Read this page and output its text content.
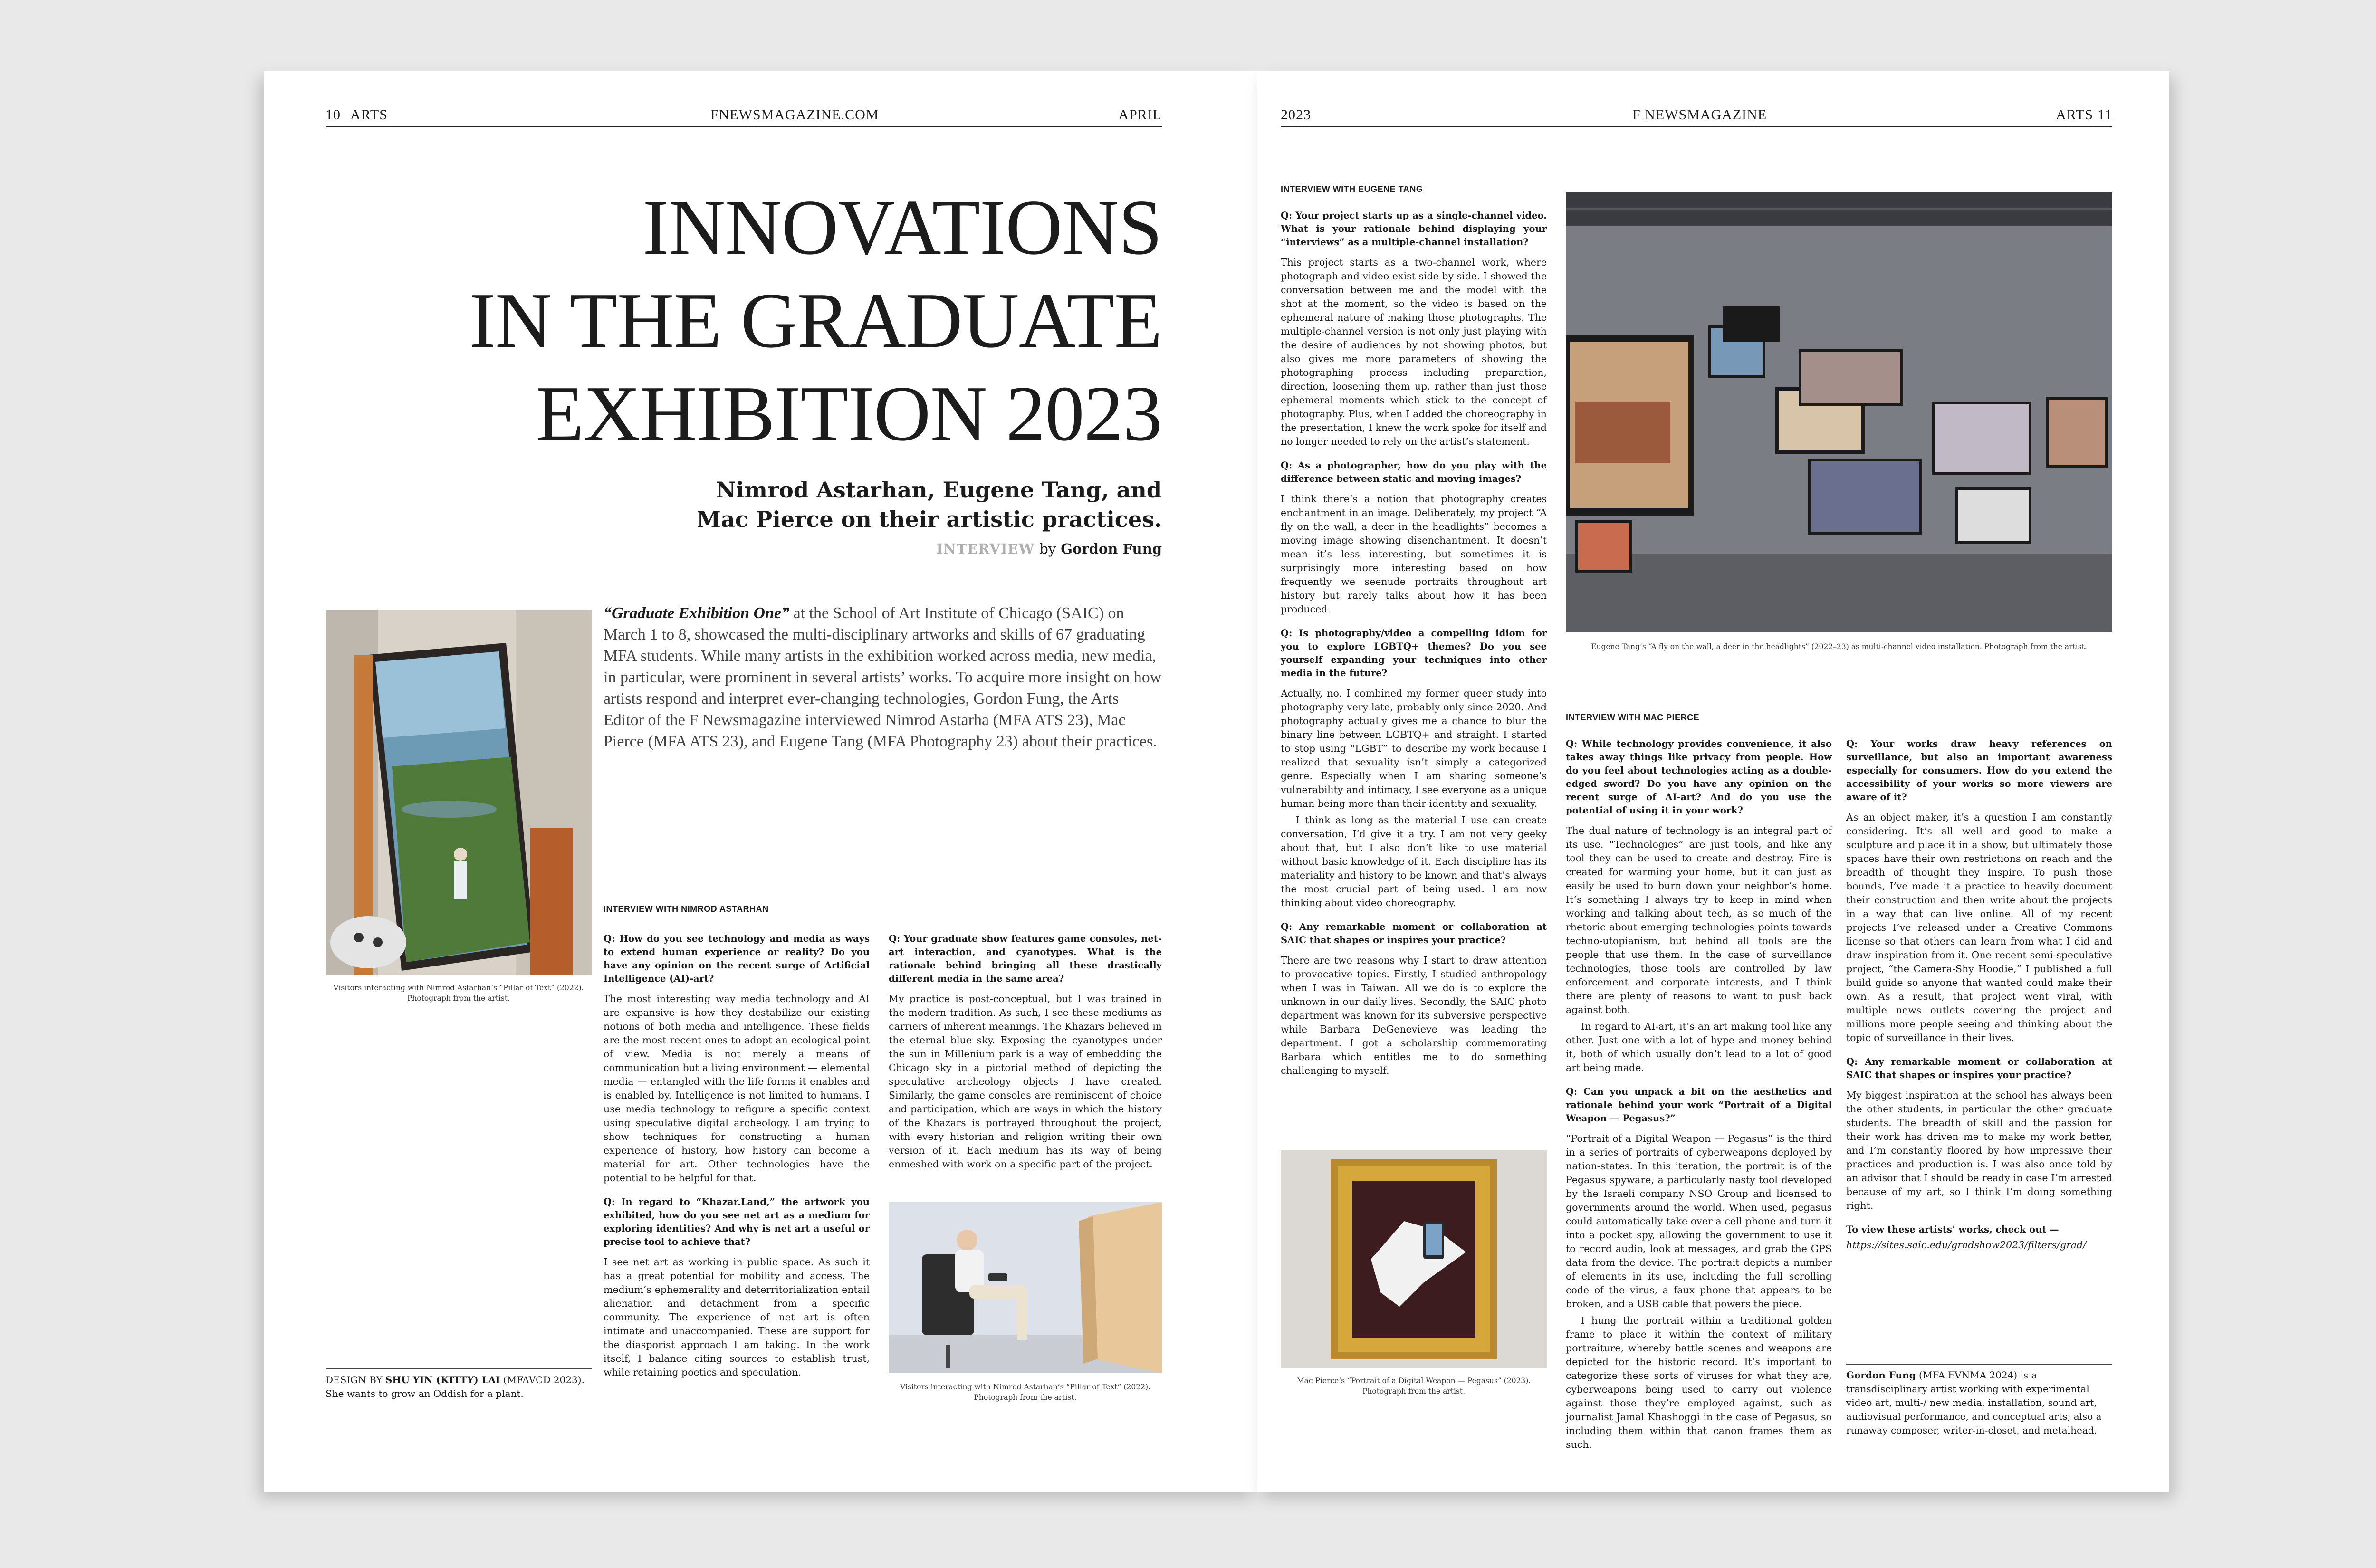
10 ARTS	FNEWSMAGAZINE.COM	APRIL
INNOVATIONS
IN THE GRADUATE
EXHIBITION 2023
Nimrod Astarhan, Eugene Tang, and
Mac Pierce on their artistic practices.
INTERVIEW by Gordon Fung
Visitors interacting with Nimrod Astarhan’s “Pillar of Text” (2022). Photograph from the artist.
“Graduate Exhibition One” at the School of Art Institute of Chicago (SAIC) on March 1 to 8, showcased the multi-disciplinary artworks and skills of 67 graduating MFA students. While many artists in the exhibition worked across media, new media, in particular, were prominent in several artists’ works. To acquire more insight on how artists respond and interpret ever-changing technologies, Gordon Fung, the Arts Editor of the F Newsmagazine interviewed Nimrod Astarha (MFA ATS 23), Mac Pierce (MFA ATS 23), and Eugene Tang (MFA Photography 23) about their practices.
INTERVIEW WITH NIMROD ASTARHAN
Q: How do you see technology and media as ways to extend human experience or reality? Do you have any opinion on the recent surge of Artificial Intelligence (AI)-art?

The most interesting way media technology and AI are expansive is how they destabilize our existing notions of both media and intelligence. These fields are the most recent ones to adopt an ecological point of view. Media is not merely a means of communication but a living environment — elemental media — entangled with the life forms it enables and is enabled by. Intelligence is not limited to humans. I use media technology to refigure a specific context using speculative digital archeology. I am trying to show techniques for constructing a human experience of history, how history can become a material for art. Other technologies have the potential to be helpful for that.

Q: In regard to “Khazar.Land,” the artwork you exhibited, how do you see net art as a medium for exploring identities? And why is net art a useful or precise tool to achieve that?

I see net art as working in public space. As such it has a great potential for mobility and access. The medium’s ephemerality and deterritorialization entail alienation and detachment from a specific community. The experience of net art is often intimate and unaccompanied. These are support for the diasporist approach I am taking. In the work itself, I balance citing sources to establish trust, while retaining poetics and speculation.

Q: Your graduate show features game consoles, net-art interaction, and cyanotypes. What is the rationale behind bringing all these drastically different media in the same area?

My practice is post-conceptual, but I was trained in the modern tradition. As such, I see these mediums as carriers of inherent meanings. The Khazars believed in the eternal blue sky. Exposing the cyanotypes under the sun in Millenium park is a way of embedding the Chicago sky in a pictorial method of depicting the speculative archeology objects I have created. Similarly, the game consoles are reminiscent of choice and participation, which are ways in which the history of the Khazars is portrayed throughout the project, with every historian and religion writing their own version of it. Each medium has its way of being enmeshed with work on a specific part of the project.

Visitors interacting with Nimrod Astarhan’s “Pillar of Text” (2022). Photograph from the artist.
DESIGN BY SHU YIN (KITTY) LAI (MFAVCD 2023).
She wants to grow an Oddish for a plant.
2023	F NEWSMAGAZINE	ARTS 11
INTERVIEW WITH EUGENE TANG
Q: Your project starts up as a single-channel video. What is your rationale behind displaying your “interviews” as a multiple-channel installation?

This project starts as a two-channel work, where photograph and video exist side by side. I showed the conversation between me and the model with the shot at the moment, so the video is based on the ephemeral nature of making those photographs. The multiple-channel version is not only just playing with the desire of audiences by not showing photos, but also gives me more parameters of showing the photographing process including preparation, direction, loosening them up, rather than just those ephemeral moments which stick to the concept of photography. Plus, when I added the choreography in the presentation, I knew the work spoke for itself and no longer needed to rely on the artist’s statement.

Q: As a photographer, how do you play with the difference between static and moving images?

I think there’s a notion that photography creates enchantment in an image. Deliberately, my project “A fly on the wall, a deer in the headlights” becomes a moving image showing disenchantment. It doesn’t mean it’s less interesting, but sometimes it is surprisingly more interesting based on how frequently we seenude portraits throughout art history but rarely talks about how it has been produced.

Q: Is photography/video a compelling idiom for you to explore LGBTQ+ themes? Do you see yourself expanding your techniques into other media in the future?

Actually, no. I combined my former queer study into photography very late, probably only since 2020. And photography actually gives me a chance to blur the binary line between LGBTQ+ and straight. I started to stop using “LGBT” to describe my work because I realized that sexuality isn’t simply a categorized genre. Especially when I am sharing someone’s vulnerability and intimacy, I see everyone as a unique human being more than their identity and sexuality.

I think as long as the material I use can create conversation, I’d give it a try. I am not very geeky about that, but I also don’t like to use material without basic knowledge of it. Each discipline has its materiality and history to be known and that’s always the most crucial part of being used. I am now thinking about video choreography.

Q: Any remarkable moment or collaboration at SAIC that shapes or inspires your practice?

There are two reasons why I start to draw attention to provocative topics. Firstly, I studied anthropology when I was in Taiwan. All we do is to explore the unknown in our daily lives. Secondly, the SAIC photo department was known for its subversive perspective while Barbara DeGenevieve was leading the department. I got a scholarship commemorating Barbara which entitles me to do something challenging to myself.

Eugene Tang’s “A fly on the wall, a deer in the headlights” (2022–23) as multi-channel video installation. Photograph from the artist.
INTERVIEW WITH MAC PIERCE
Q: While technology provides convenience, it also takes away things like privacy from people. How do you feel about technologies acting as a double-edged sword? Do you have any opinion on the recent surge of AI-art? And do you use the potential of using it in your work?

The dual nature of technology is an integral part of its use. “Technologies” are just tools, and like any tool they can be used to create and destroy. Fire is created for warming your home, but it can just as easily be used to burn down your neighbor’s home. It’s something I always try to keep in mind when working and talking about tech, as so much of the rhetoric about emerging technologies points towards techno-utopianism, but behind all tools are the people that use them. In the case of surveillance technologies, those tools are controlled by law enforcement and corporate interests, and I think there are plenty of reasons to want to push back against both.

In regard to AI-art, it’s an art making tool like any other. Just one with a lot of hype and money behind it, both of which usually don’t lead to a lot of good art being made.

Q: Can you unpack a bit on the aesthetics and rationale behind your work “Portrait of a Digital Weapon — Pegasus?”

“Portrait of a Digital Weapon — Pegasus” is the third in a series of portraits of cyberweapons deployed by nation-states. In this iteration, the portrait is of the Pegasus spyware, a particularly nasty tool developed by the Israeli company NSO Group and licensed to governments around the world. When used, pegasus could automatically take over a cell phone and turn it into a pocket spy, allowing the government to use it to record audio, look at messages, and grab the GPS data from the device. The portrait depicts a number of elements in its use, including the full scrolling code of the virus, a faux phone that appears to be broken, and a USB cable that powers the piece.

I hung the portrait within a traditional golden frame to place it within the context of military portraiture, whereby battle scenes and weapons are depicted for the historic record. It’s important to categorize these sorts of viruses for what they are, cyberweapons being used to carry out violence against those they’re employed against, such as journalist Jamal Khashoggi in the case of Pegasus, so including them within that canon frames them as such.

Q: Your works draw heavy references on surveillance, but also an important awareness especially for consumers. How do you extend the accessibility of your works so more viewers are aware of it?

As an object maker, it’s a question I am constantly considering. It’s all well and good to make a sculpture and place it in a show, but ultimately those spaces have their own restrictions on reach and the breadth of thought they inspire. To push those bounds, I’ve made it a practice to heavily document their construction and then write about the projects in a way that can live online. All of my recent projects I’ve released under a Creative Commons license so that others can learn from what I did and draw inspiration from it. One recent semi-speculative project, “the Camera-Shy Hoodie,” I published a full build guide so anyone that wanted could make their own. As a result, that project went viral, with multiple news outlets covering the project and millions more people seeing and thinking about the topic of surveillance in their lives.

Q: Any remarkable moment or collaboration at SAIC that shapes or inspires your practice?

My biggest inspiration at the school has always been the other students, in particular the other graduate students. The breadth of skill and the passion for their work has driven me to make my work better, and I’m constantly floored by how impressive their practices and production is. I was also once told by an advisor that I should be ready in case I’m arrested because of my art, so I think I’m doing something right.

To view these artists’ works, check out —

https://sites.saic.edu/gradshow2023/filters/grad/

Mac Pierce’s “Portrait of a Digital Weapon — Pegasus” (2023). Photograph from the artist.
Gordon Fung (MFA FVNMA 2024) is a transdisciplinary artist working with experimental video art, multi-/ new media, installation, sound art, audiovisual performance, and conceptual arts; also a runaway composer, writer-in-closet, and metalhead.
